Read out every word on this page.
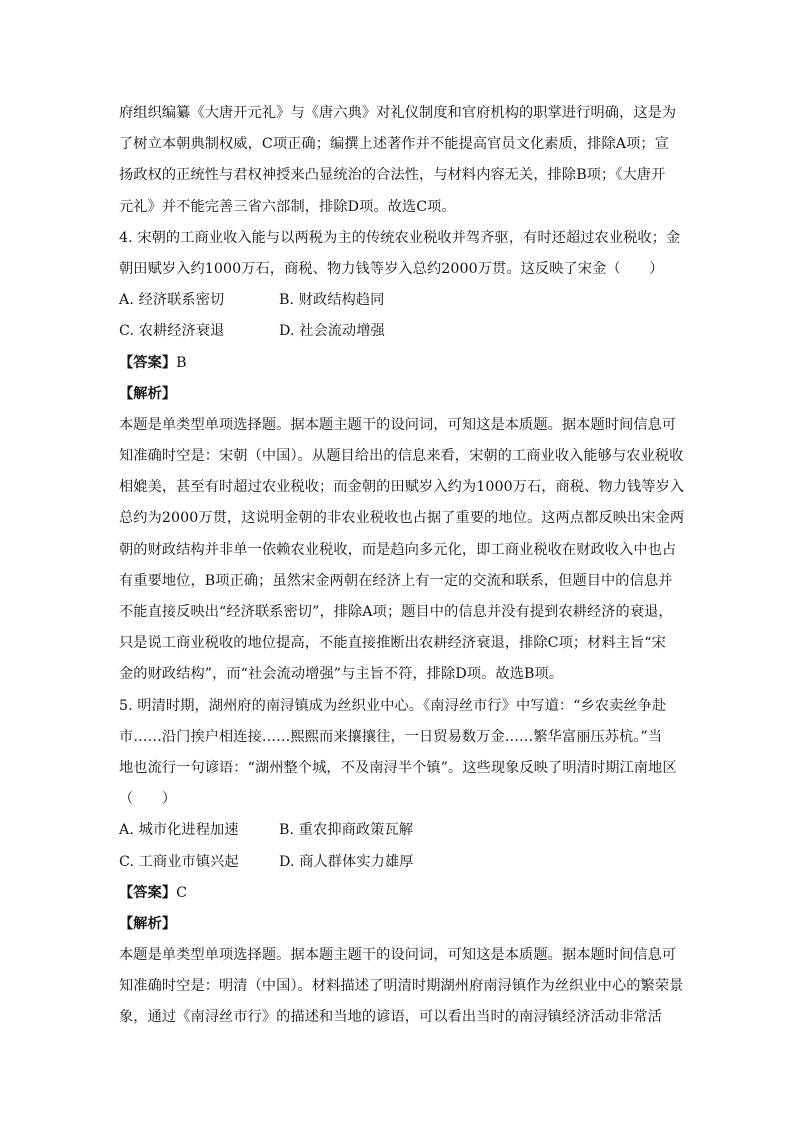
府组织编纂《大唐开元礼》与《唐六典》对礼仪制度和官府机构的职掌进行明确，这是为
了树立本朝典制权威，C项正确；编撰上述著作并不能提高官员文化素质，排除A项；宣
扬政权的正统性与君权神授来凸显统治的合法性，与材料内容无关，排除B项；《大唐开
元礼》并不能完善三省六部制，排除D项。故选C项。
4. 宋朝的工商业收入能与以两税为主的传统农业税收并驾齐驱，有时还超过农业税收；金
朝田赋岁入约1000万石，商税、物力钱等岁入总约2000万贯。这反映了宋金（　　）
A. 经济联系密切	B. 财政结构趋同
C. 农耕经济衰退	D. 社会流动增强
【答案】B
【解析】
本题是单类型单项选择题。据本题主题干的设问词，可知这是本质题。据本题时间信息可
知准确时空是：宋朝（中国）。从题目给出的信息来看，宋朝的工商业收入能够与农业税收
相媲美，甚至有时超过农业税收；而金朝的田赋岁入约为1000万石，商税、物力钱等岁入
总约为2000万贯，这说明金朝的非农业税收也占据了重要的地位。这两点都反映出宋金两
朝的财政结构并非单一依赖农业税收，而是趋向多元化，即工商业税收在财政收入中也占
有重要地位，B项正确；虽然宋金两朝在经济上有一定的交流和联系，但题目中的信息并
不能直接反映出“经济联系密切”，排除A项；题目中的信息并没有提到农耕经济的衰退，
只是说工商业税收的地位提高，不能直接推断出农耕经济衰退，排除C项；材料主旨“宋
金的财政结构”，而“社会流动增强”与主旨不符，排除D项。故选B项。
5. 明清时期，湖州府的南浔镇成为丝织业中心。《南浔丝市行》中写道：“乡农卖丝争赴
市……沿门挨户相连接……熙熙而来攘攘往，一日贸易数万金……繁华富丽压苏杭。”当
地也流行一句谚语：“湖州整个城，不及南浔半个镇”。这些现象反映了明清时期江南地区
（　　）
A. 城市化进程加速	B. 重农抑商政策瓦解
C. 工商业市镇兴起	D. 商人群体实力雄厚
【答案】C
【解析】
本题是单类型单项选择题。据本题主题干的设问词，可知这是本质题。据本题时间信息可
知准确时空是：明清（中国）。材料描述了明清时期湖州府南浔镇作为丝织业中心的繁荣景
象，通过《南浔丝市行》的描述和当地的谚语，可以看出当时的南浔镇经济活动非常活
